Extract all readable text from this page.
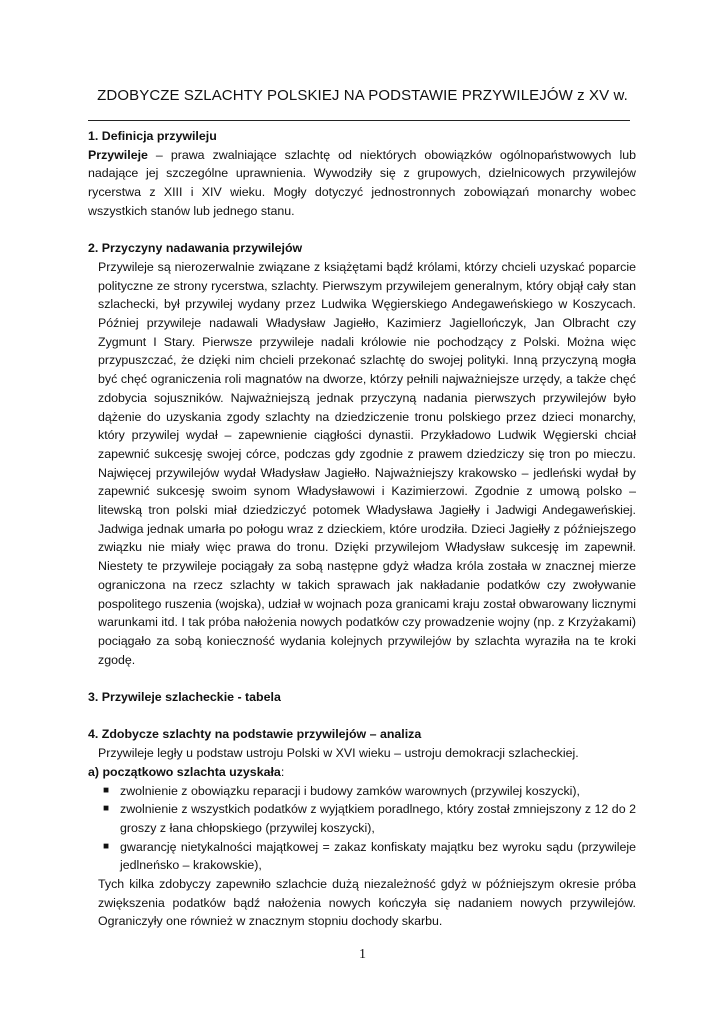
ZDOBYCZE SZLACHTY POLSKIEJ NA PODSTAWIE PRZYWILEJÓW z XV w.

1. Definicja przywileju

Przywileje – prawa zwalniające szlachtę od niektórych obowiązków ogólnopaństwowych lub nadające jej szczególne uprawnienia. Wywodziły się z grupowych, dzielnicowych przywilejów rycerstwa z XIII i XIV wieku. Mogły dotyczyć jednostronnych zobowiązań monarchy wobec wszystkich stanów lub jednego stanu.

2. Przyczyny nadawania przywilejów

Przywileje są nierozerwalnie związane z książętami bądź królami, którzy chcieli uzyskać poparcie polityczne ze strony rycerstwa, szlachty. Pierwszym przywilejem generalnym, który objął cały stan szlachecki, był przywilej wydany przez Ludwika Węgierskiego Andegaweńskiego w Koszycach. Później przywileje nadawali Władysław Jagiełło, Kazimierz Jagiellończyk, Jan Olbracht czy Zygmunt I Stary. Pierwsze przywileje nadali królowie nie pochodzący z Polski. Można więc przypuszczać, że dzięki nim chcieli przekonać szlachtę do swojej polityki. Inną przyczyną mogła być chęć ograniczenia roli magnatów na dworze, którzy pełnili najważniejsze urzędy, a także chęć zdobycia sojuszników. Najważniejszą jednak przyczyną nadania pierwszych przywilejów było dążenie do uzyskania zgody szlachty na dziedziczenie tronu polskiego przez dzieci monarchy, który przywilej wydał – zapewnienie ciągłości dynastii. Przykładowo Ludwik Węgierski chciał zapewnić sukcesję swojej córce, podczas gdy zgodnie z prawem dziedziczy się tron po mieczu. Najwięcej przywilejów wydał Władysław Jagiełło. Najważniejszy krakowsko – jedleński wydał by zapewnić sukcesję swoim synom Władysławowi i Kazimierzowi. Zgodnie z umową polsko – litewską tron polski miał dziedziczyć potomek Władysława Jagiełły i Jadwigi Andegaweńskiej. Jadwiga jednak umarła po połogu wraz z dzieckiem, które urodziła. Dzieci Jagiełły z późniejszego związku nie miały więc prawa do tronu. Dzięki przywilejom Władysław sukcesję im zapewnił. Niestety te przywileje pociągały za sobą następne gdyż władza króla została w znacznej mierze ograniczona na rzecz szlachty w takich sprawach jak nakładanie podatków czy zwoływanie pospolitego ruszenia (wojska), udział w wojnach poza granicami kraju został obwarowany licznymi warunkami itd. I tak próba nałożenia nowych podatków czy prowadzenie wojny (np. z Krzyżakami) pociągało za sobą konieczność wydania kolejnych przywilejów by szlachta wyraziła na te kroki zgodę.

3. Przywileje szlacheckie - tabela

4. Zdobycze szlachty na podstawie przywilejów – analiza

Przywileje legły u podstaw ustroju Polski w XVI wieku – ustroju demokracji szlacheckiej.

a) początkowo szlachta uzyskała:

■ zwolnienie z obowiązku reparacji i budowy zamków warownych (przywilej koszycki),
■ zwolnienie z wszystkich podatków z wyjątkiem poradlnego, który został zmniejszony z 12 do 2 groszy z łana chłopskiego (przywilej koszycki),
■ gwarancję nietykalności majątkowej = zakaz konfiskaty majątku bez wyroku sądu (przywileje jedlneńsko – krakowskie),

Tych kilka zdobyczy zapewniło szlachcie dużą niezależność gdyż w późniejszym okresie próba zwiększenia podatków bądź nałożenia nowych kończyła się nadaniem nowych przywilejów. Ograniczyły one również w znacznym stopniu dochody skarbu.

1
